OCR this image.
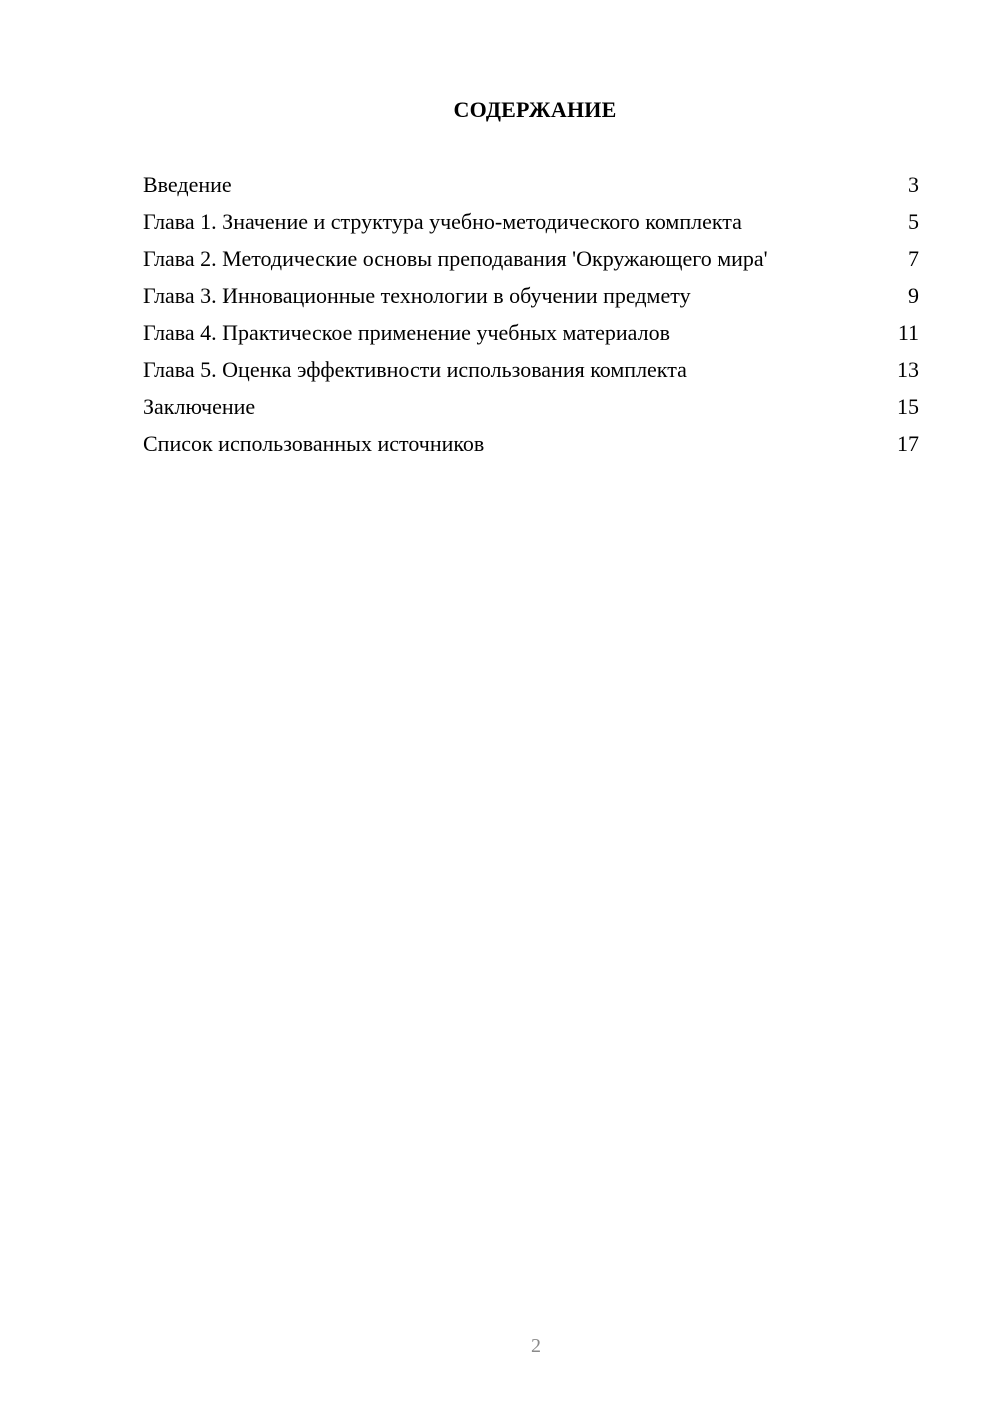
СОДЕРЖАНИЕ
Введение	3
Глава 1. Значение и структура учебно-методического комплекта	5
Глава 2. Методические основы преподавания 'Окружающего мира'	7
Глава 3. Инновационные технологии в обучении предмету	9
Глава 4. Практическое применение учебных материалов	11
Глава 5. Оценка эффективности использования комплекта	13
Заключение	15
Список использованных источников	17
2
